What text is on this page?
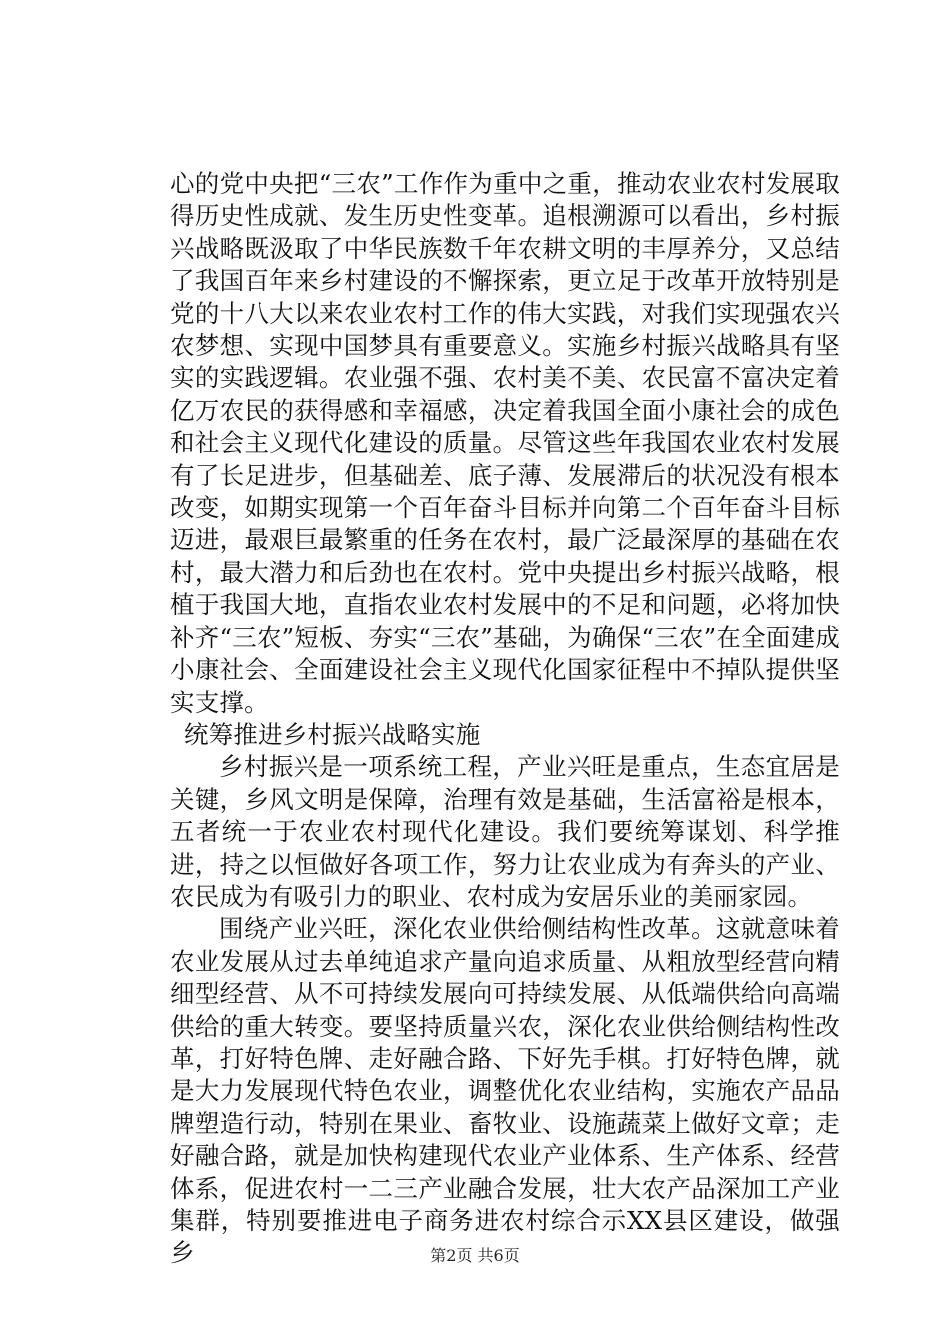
心的党中央把“三农”工作作为重中之重，推动农业农村发展取得历史性成就、发生历史性变革。追根溯源可以看出，乡村振兴战略既汲取了中华民族数千年农耕文明的丰厚养分，又总结了我国百年来乡村建设的不懈探索，更立足于改革开放特别是党的十八大以来农业农村工作的伟大实践，对我们实现强农兴农梦想、实现中国梦具有重要意义。实施乡村振兴战略具有坚实的实践逻辑。农业强不强、农村美不美、农民富不富决定着亿万农民的获得感和幸福感，决定着我国全面小康社会的成色和社会主义现代化建设的质量。尽管这些年我国农业农村发展有了长足进步，但基础差、底子薄、发展滞后的状况没有根本改变，如期实现第一个百年奋斗目标并向第二个百年奋斗目标迈进，最艰巨最繁重的任务在农村，最广泛最深厚的基础在农村，最大潜力和后劲也在农村。党中央提出乡村振兴战略，根植于我国大地，直指农业农村发展中的不足和问题，必将加快补齐“三农”短板、夯实“三农”基础，为确保“三农”在全面建成小康社会、全面建设社会主义现代化国家征程中不掉队提供坚实支撑。

统筹推进乡村振兴战略实施

乡村振兴是一项系统工程，产业兴旺是重点，生态宜居是关键，乡风文明是保障，治理有效是基础，生活富裕是根本，五者统一于农业农村现代化建设。我们要统筹谋划、科学推进，持之以恒做好各项工作，努力让农业成为有奔头的产业、农民成为有吸引力的职业、农村成为安居乐业的美丽家园。

围绕产业兴旺，深化农业供给侧结构性改革。这就意味着农业发展从过去单纯追求产量向追求质量、从粗放型经营向精细型经营、从不可持续发展向可持续发展、从低端供给向高端供给的重大转变。要坚持质量兴农，深化农业供给侧结构性改革，打好特色牌、走好融合路、下好先手棋。打好特色牌，就是大力发展现代特色农业，调整优化农业结构，实施农产品品牌塑造行动，特别在果业、畜牧业、设施蔬菜上做好文章；走好融合路，就是加快构建现代农业产业体系、生产体系、经营体系，促进农村一二三产业融合发展，壮大农产品深加工产业集群，特别要推进电子商务进农村综合示XX县区建设，做强乡	第2页 共6页
